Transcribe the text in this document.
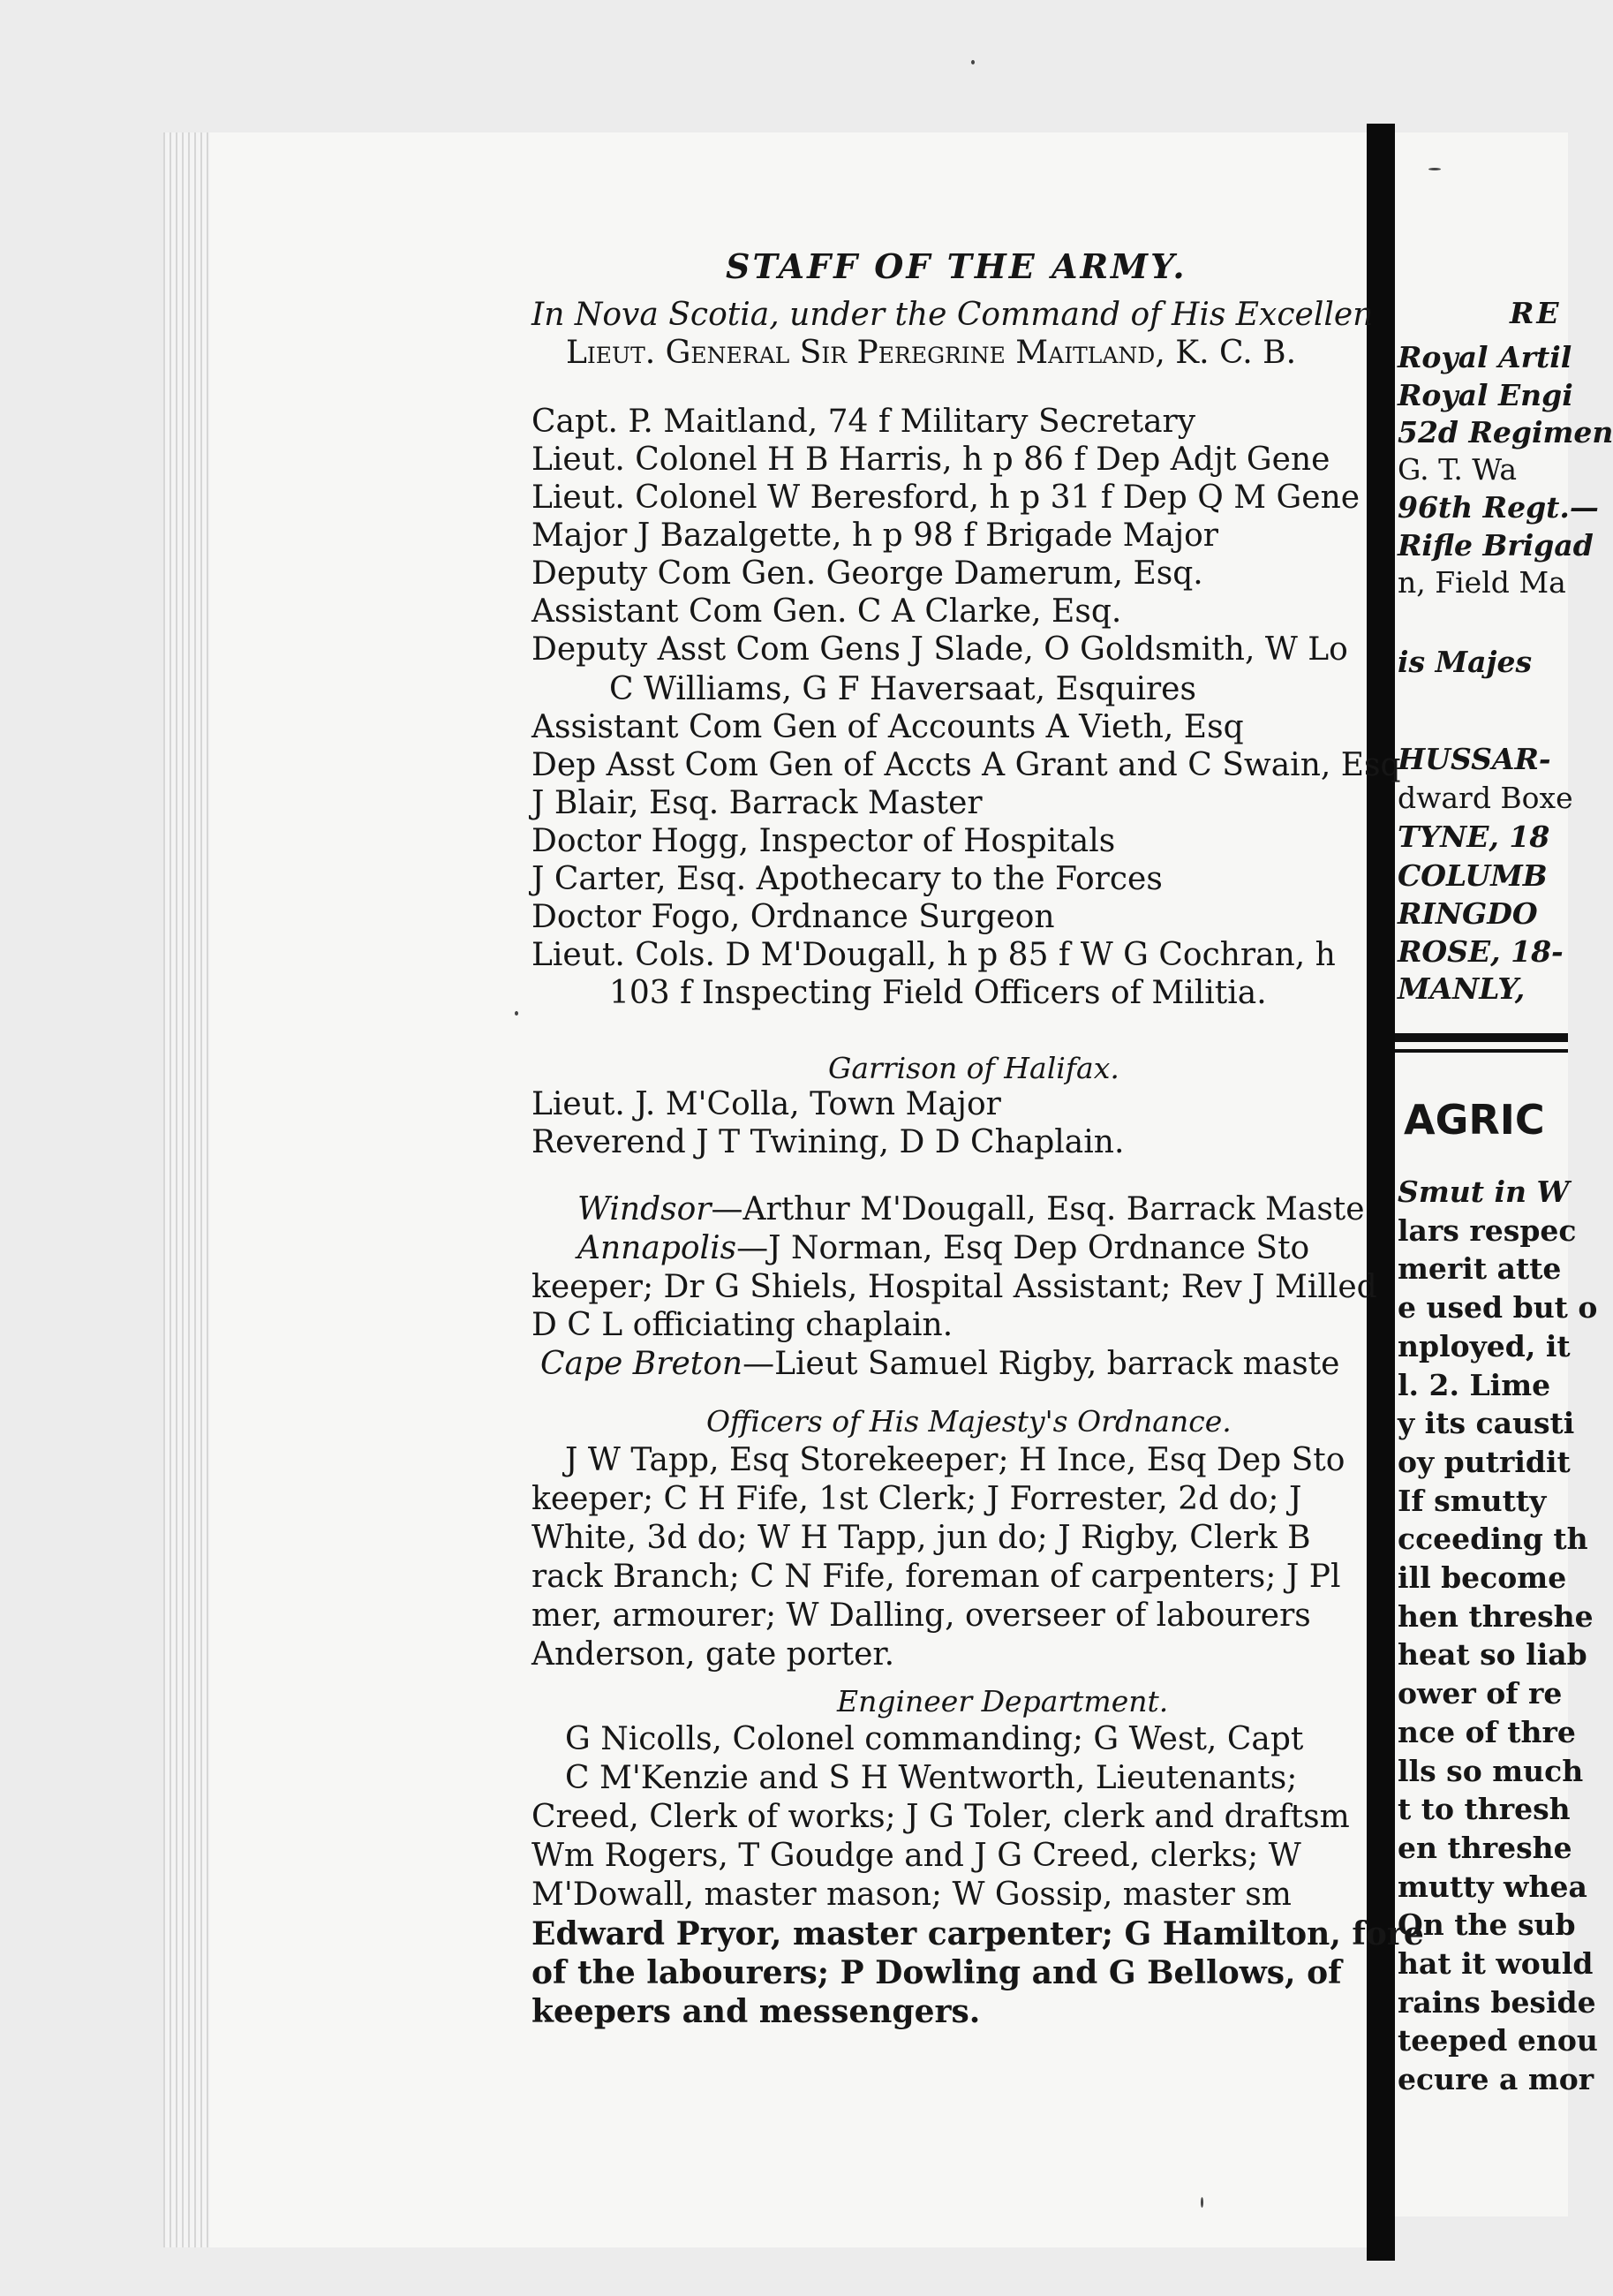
STAFF OF THE ARMY.
In Nova Scotia, under the Command of His Excellen
Lieut. General Sir Peregrine Maitland, K. C. B.
Capt. P. Maitland, 74 f Military Secretary
Lieut. Colonel H B Harris, h p 86 f Dep Adjt Gene
Lieut. Colonel W Beresford, h p 31 f Dep Q M Gene
Major J Bazalgette, h p 98 f Brigade Major
Deputy Com Gen. George Damerum, Esq.
Assistant Com Gen. C A Clarke, Esq.
Deputy Asst Com Gens J Slade, O Goldsmith, W Lo
C Williams, G F Haversaat, Esquires
Assistant Com Gen of Accounts A Vieth, Esq
Dep Asst Com Gen of Accts A Grant and C Swain, Esq
J Blair, Esq. Barrack Master
Doctor Hogg, Inspector of Hospitals
J Carter, Esq. Apothecary to the Forces
Doctor Fogo, Ordnance Surgeon
Lieut. Cols. D M'Dougall, h p 85 f W G Cochran, h
103 f Inspecting Field Officers of Militia.
Garrison of Halifax.
Lieut. J. M'Colla, Town Major
Reverend J T Twining, D D Chaplain.
Windsor—Arthur M'Dougall, Esq. Barrack Maste
Annapolis—J Norman, Esq Dep Ordnance Sto
keeper; Dr G Shiels, Hospital Assistant; Rev J Milled
D C L officiating chaplain.
Cape Breton—Lieut Samuel Rigby, barrack maste
Officers of His Majesty's Ordnance.
J W Tapp, Esq Storekeeper; H Ince, Esq Dep Sto
keeper; C H Fife, 1st Clerk; J Forrester, 2d do; J
White, 3d do; W H Tapp, jun do; J Rigby, Clerk B
rack Branch; C N Fife, foreman of carpenters; J Pl
mer, armourer; W Dalling, overseer of labourers
Anderson, gate porter.
Engineer Department.
G Nicolls, Colonel commanding; G West, Capt
C M'Kenzie and S H Wentworth, Lieutenants;
Creed, Clerk of works; J G Toler, clerk and draftsm
Wm Rogers, T Goudge and J G Creed, clerks; W
M'Dowall, master mason; W Gossip, master sm
Edward Pryor, master carpenter; G Hamilton, fore
of the labourers; P Dowling and G Bellows, of
keepers and messengers.
RE
Royal Artil
Royal Engi
52d Regimen
G. T. Wa
96th Regt.—
Rifle Brigad
n, Field Ma
is Majes
HUSSAR-
dward Boxe
TYNE, 18
COLUMB
RINGDO
ROSE, 18-
MANLY,
AGRIC
Smut in W
lars respec
merit atte
e used but o
nployed, it
l. 2. Lime
y its causti
oy putridit
If smutty
cceeding th
ill become
hen threshe
heat so liab
ower of re
nce of thre
lls so much
t to thresh
en threshe
mutty whea
On the sub
hat it would
rains beside
teeped enou
ecure a mor
